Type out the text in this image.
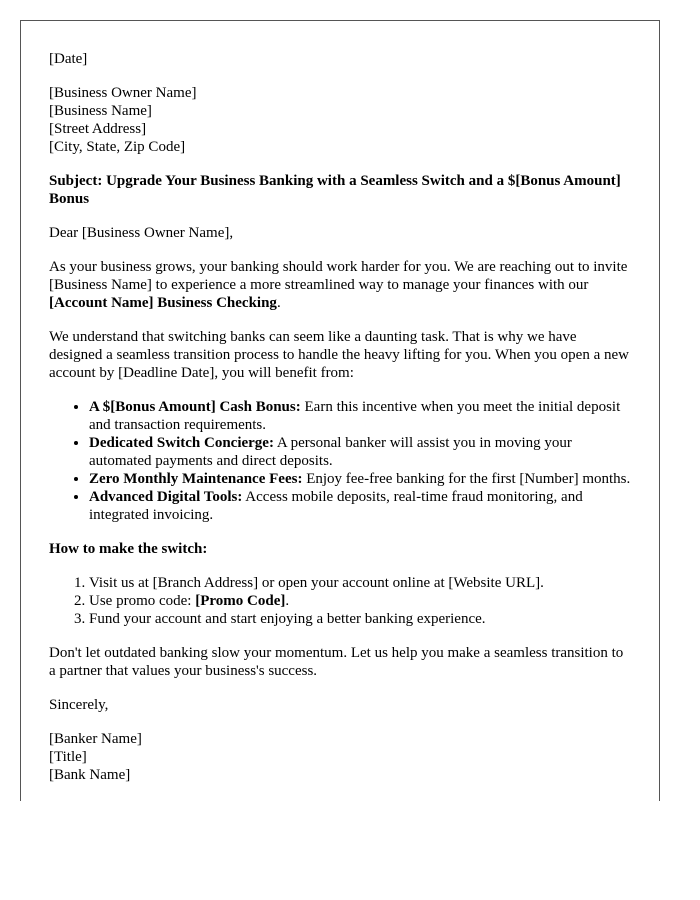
[Date]

[Business Owner Name]
[Business Name]
[Street Address]
[City, State, Zip Code]

Subject: Upgrade Your Business Banking with a Seamless Switch and a $[Bonus Amount] Bonus

Dear [Business Owner Name],

As your business grows, your banking should work harder for you. We are reaching out to invite [Business Name] to experience a more streamlined way to manage your finances with our [Account Name] Business Checking.

We understand that switching banks can seem like a daunting task. That is why we have designed a seamless transition process to handle the heavy lifting for you. When you open a new account by [Deadline Date], you will benefit from:

• A $[Bonus Amount] Cash Bonus: Earn this incentive when you meet the initial deposit and transaction requirements.
• Dedicated Switch Concierge: A personal banker will assist you in moving your automated payments and direct deposits.
• Zero Monthly Maintenance Fees: Enjoy fee-free banking for the first [Number] months.
• Advanced Digital Tools: Access mobile deposits, real-time fraud monitoring, and integrated invoicing.

How to make the switch:

1. Visit us at [Branch Address] or open your account online at [Website URL].
2. Use promo code: [Promo Code].
3. Fund your account and start enjoying a better banking experience.

Don't let outdated banking slow your momentum. Let us help you make a seamless transition to a partner that values your business's success.

Sincerely,

[Banker Name]
[Title]
[Bank Name]
